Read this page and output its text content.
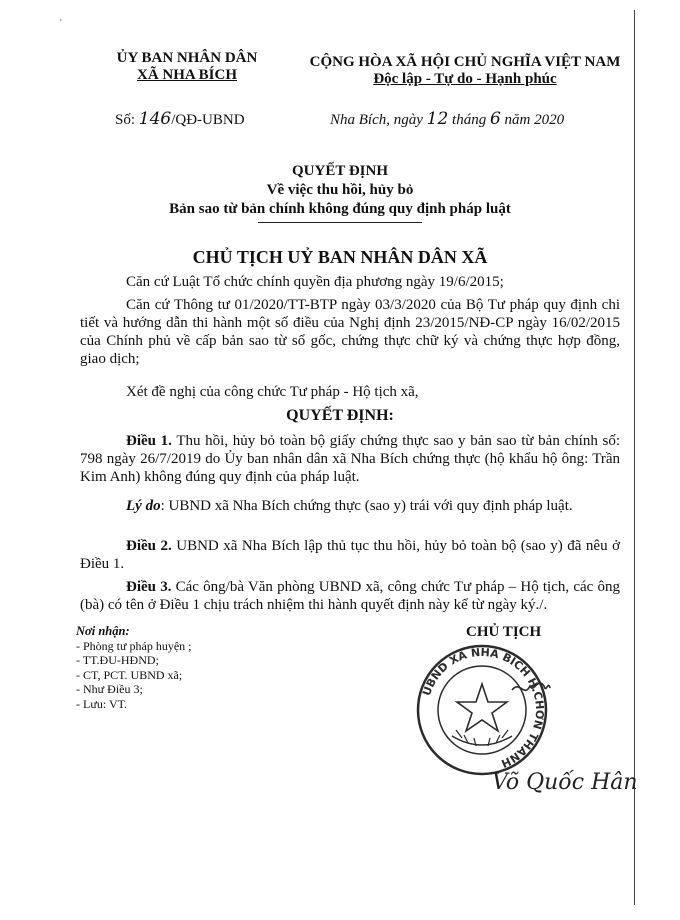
'
ỦY BAN NHÂN DÂN
XÃ NHA BÍCH
CỘNG HÒA XÃ HỘI CHỦ NGHĨA VIỆT NAM
Độc lập - Tự do - Hạnh phúc
Số: 146/QĐ-UBND	Nha Bích, ngày 12 tháng 6 năm 2020
QUYẾT ĐỊNH
Về việc thu hồi, hủy bỏ
Bản sao từ bản chính không đúng quy định pháp luật
CHỦ TỊCH UỶ BAN NHÂN DÂN XÃ
Căn cứ Luật Tổ chức chính quyền địa phương ngày 19/6/2015;
Căn cứ Thông tư 01/2020/TT-BTP ngày 03/3/2020 của Bộ Tư pháp quy định chi tiết và hướng dẫn thi hành một số điều của Nghị định 23/2015/NĐ-CP ngày 16/02/2015 của Chính phủ về cấp bản sao từ sổ gốc, chứng thực chữ ký và chứng thực hợp đồng, giao dịch;
Xét đề nghị của công chức Tư pháp - Hộ tịch xã,
QUYẾT ĐỊNH:
Điều 1. Thu hồi, hủy bỏ toàn bộ giấy chứng thực sao y bản sao từ bản chính số: 798 ngày 26/7/2019 do Ủy ban nhân dân xã Nha Bích chứng thực (hộ khẩu hộ ông: Trần Kim Anh) không đúng quy định của pháp luật.
Lý do: UBND xã Nha Bích chứng thực (sao y) trái với quy định pháp luật.
Điều 2. UBND xã Nha Bích lập thủ tục thu hồi, hủy bỏ toàn bộ (sao y) đã nêu ở Điều 1.
Điều 3. Các ông/bà Văn phòng UBND xã, công chức Tư pháp – Hộ tịch, các ông (bà) có tên ở Điều 1 chịu trách nhiệm thi hành quyết định này kể từ ngày ký./.
Nơi nhận:
- Phòng tư pháp huyện ;
- TT.ĐU-HĐND;
- CT, PCT. UBND xã;
- Như Điều 3;
- Lưu: VT.
CHỦ TỊCH
UBND XÃ NHA BÍCH H.CHƠN THÀNH
Võ Quốc Hân
